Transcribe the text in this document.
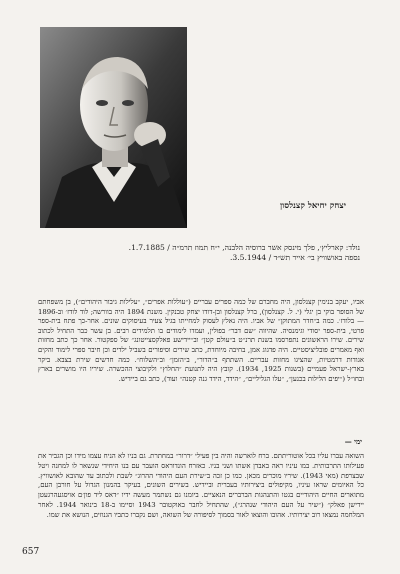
יצחק יחיאל קצנלסון
נולד: קארליץ׳, פלך מינסק אשר ברוסיה הלבנה, י״ח תמוז תרמ״ה / 1.7.1885.
נספה באושוויץ בי׳ אייר תש״ד / 3.5.1944.

אביו, יעקב בנימין קצנלסון, היה מחברם של כמה ספרים עבריים (״עוללות אפרים״, ״עלילות גיבור היהודים״), בן משפחתם של הסופר בוקי בן יגלי (י. ל. קצנלסון), ברל קצנלסון ובן-דודו יצחק טבנקין. משנת 1894 היה בוורשה; לוד לודז׳ וב-1896 — בלודז׳. כמה ב״חדר המתוקן״ של אביו. היה נאלץ לעסוק למחייתו בגיל צעיר בעיסוקים שונים. אחר-כך פתח בית-ספר פרטי, בית-ספר יסודי וגימנסיה. שהיווה ״שם דבר״ בפולין, ועמדו לימודים בו תלמידים רבים. בן עשר כבר התחיל לכתוב שירים. שירו הראשונים נתפרסמו בשנת תרנ״ט ב״עולם קטן״ וב״יידישע פאלקסצייטונג״ של ספקטור. אחר כך כתב מחזות ואף מאמרים פובליציסטיים. היה פדגוג אמן, בחיבה מיוחדת, כתב שירים וסיפורים בשביל ילדים וכן חיבר ספרי לימוד והקים אגודות דרמטיות, שהציגו מחזות עבריים. השתתף ב״הדור״, ב״הזמן״ וב״השלוח״. כמה חדשים שירת בצבא. ביקר בארץ-ישראל פעמיים (בשנות 1925, 1934). קובץ היה לתנועת ״החלוץ״ ולקיבוצי ההכשרה. שיריו היו מושרים בארץ ובחו״ל (״יפים הלילות בכנען״, ״עלו הגליליים״, ״הידד, הידד גנה קטנה״ ועוד), כתב גם ביידיש.

ימי —

השואה עברו עליו בכל אוטוריתתם. ברח לוארשה והיה בין פעילי ״דרור״ במחתרת. גם בניו לא הניח עצמו מידו וכן הגביר את פעילותו התרבותית. במו עיניו ראה באבדן אשתו ושני בניו. כאזרח הונדוראס הועבר עם בנו היחידי שנשאר לו למחנה ויטל שבצרפת (מאי 1943). שיריו מוכרים מכאן. כמו כן זכה ב״שירת העם היהודי ההרוג״ לשבת ולכתוב עד שהובא לאושוויץ. כל האיומים שראו עיניו, מקיפולים ביצירותיו בעברית וביידיש. בשירים השונים, בעיקר בהמנון הגדול על חורבן העם, מתוארים החיים היהודיים בגטו והתנהגות הברברים הנאציים. ביומנו גם נשתמר מעשה ידיו ״דאס ליד פון׳ם אויסגעהרגעטן יידישן פאלק״ (״שיר על העם היהודי שנהרג״), שהתחיל לחבר באוקטובר 1943 וסיימו ב-18 בינואר 1944. לאחר המלחמה נמצאו רוב יצירותיו. אהובו והוצאו לאור בסמוך לסיפורה של השואה, ושם נקברו כתביו הגנוזים, הנושא את שמו.

657
